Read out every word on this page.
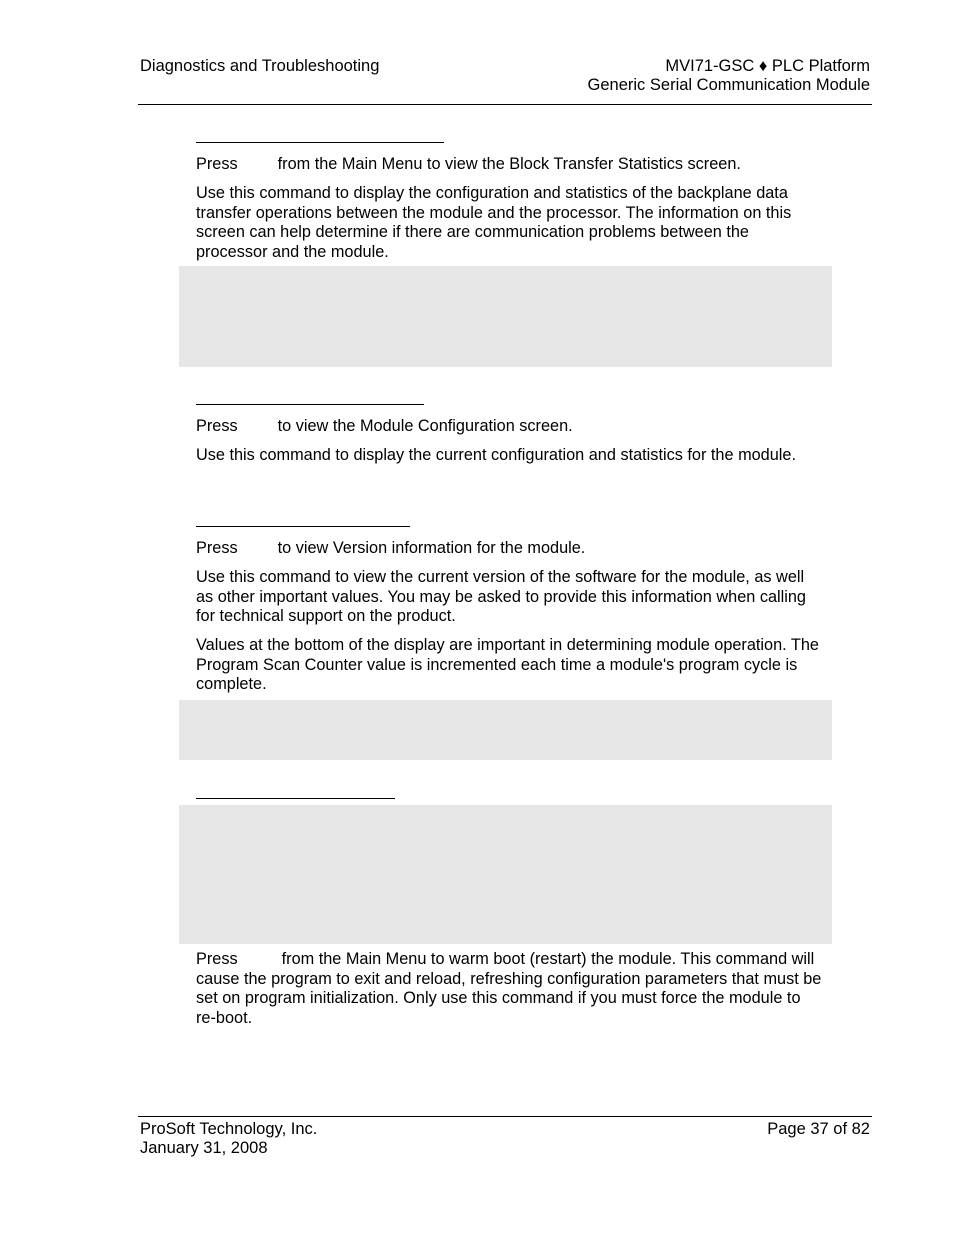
Diagnostics and Troubleshooting	MVI71-GSC ♦ PLC Platform
Generic Serial Communication Module
Press from the Main Menu to view the Block Transfer Statistics screen.
Use this command to display the configuration and statistics of the backplane data transfer operations between the module and the processor. The information on this screen can help determine if there are communication problems between the processor and the module.
Press to view the Module Configuration screen.
Use this command to display the current configuration and statistics for the module.
Press to view Version information for the module.
Use this command to view the current version of the software for the module, as well as other important values. You may be asked to provide this information when calling for technical support on the product.
Values at the bottom of the display are important in determining module operation. The Program Scan Counter value is incremented each time a module's program cycle is complete.
Press	from the Main Menu to warm boot (restart) the module. This command will cause the program to exit and reload, refreshing configuration parameters that must be set on program initialization. Only use this command if you must force the module to re-boot.
ProSoft Technology, Inc.
January 31, 2008
Page 37 of 82
